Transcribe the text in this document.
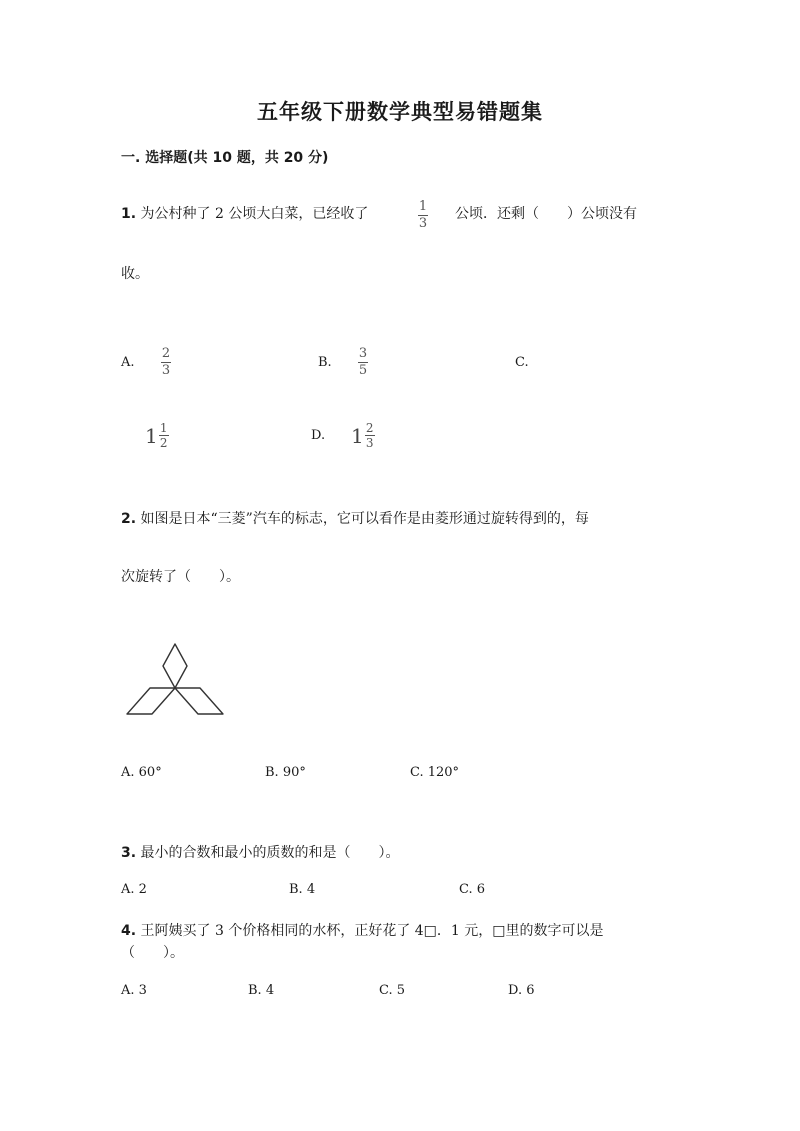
五年级下册数学典型易错题集
一. 选择题(共 10 题，共 20 分)
1. 为公村种了 2 公顷大白菜，已经收了	1
3
公顷．还剩（　　）公顷没有
收。
A.
2
3
B.
3
5
C.
$1 \frac{1}{2}$	D. $1 \frac{2}{3}$
2. 如图是日本“三菱”汽车的标志，它可以看作是由菱形通过旋转得到的，每
次旋转了（　　）。
A. 60°	B. 90°	C. 120°
3. 最小的合数和最小的质数的和是（　　）。
A. 2	B. 4	C. 6
4. 王阿姨买了 3 个价格相同的水杯，正好花了 4□．1 元，□里的数字可以是
（　　）。
A. 3	B. 4	C. 5	D. 6
